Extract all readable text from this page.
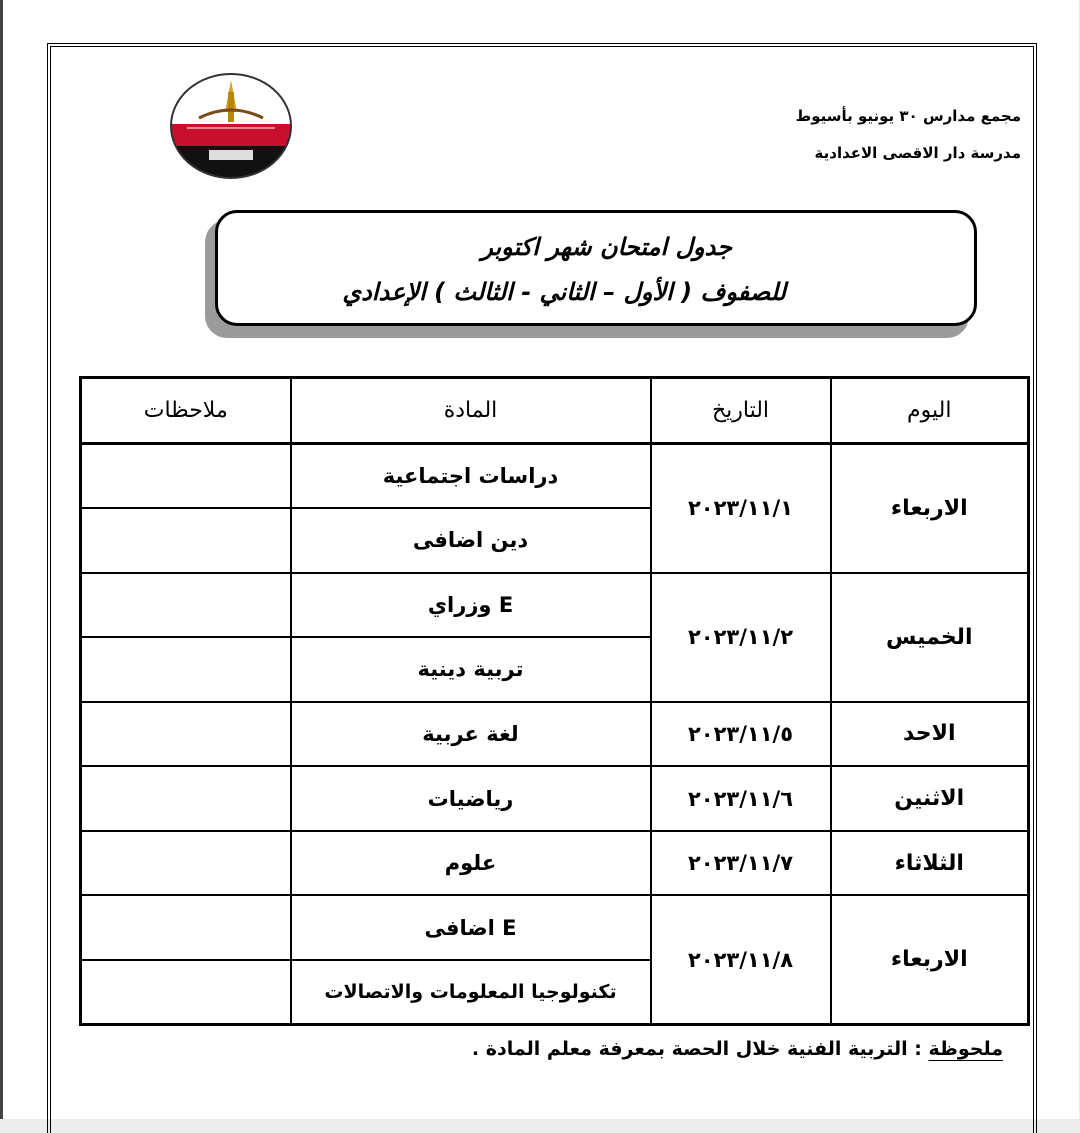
مجمع مدارس ٣٠ يونيو بأسيوط
مدرسة دار الاقصى الاعدادية
جدول امتحان شهر اكتوبر
للصفوف ( الأول – الثاني - الثالث ) الإعدادي
اليوم	التاريخ	المادة	ملاحظات
الاربعاء	٢٠٢٣/١١/١	دراسات اجتماعية	
		دين اضافى	
الخميس	٢٠٢٣/١١/٢	E وزراي	
		تربية دينية	
الاحد	٢٠٢٣/١١/٥	لغة عربية	
الاثنين	٢٠٢٣/١١/٦	رياضيات	
الثلاثاء	٢٠٢٣/١١/٧	علوم	
الاربعاء	٢٠٢٣/١١/٨	E اضافى	
		تكنولوجيا المعلومات والاتصالات	
ملحوظة : التربية الفنية خلال الحصة بمعرفة معلم المادة .
